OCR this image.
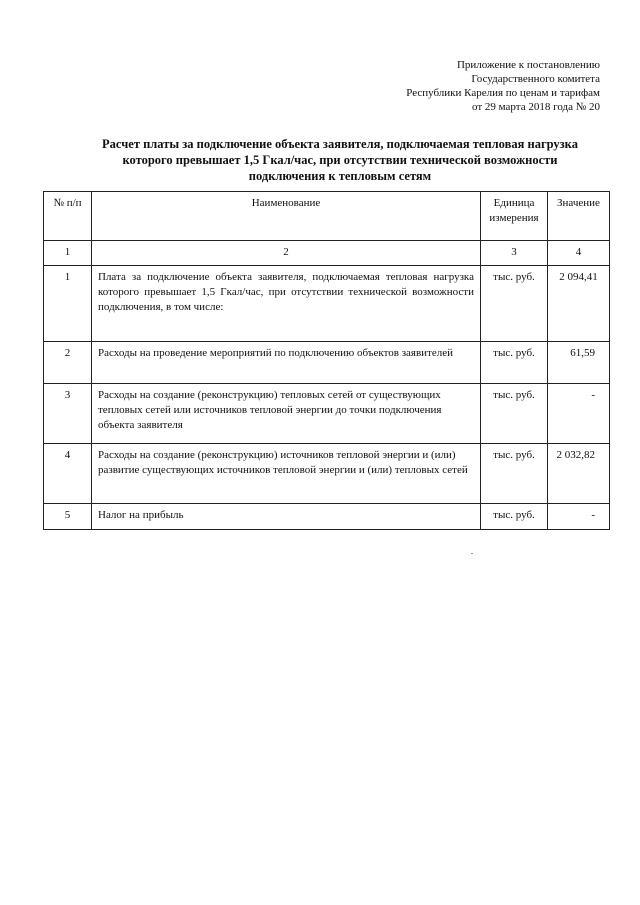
Приложение к постановлению
Государственного комитета
Республики Карелия по ценам и тарифам
от 29 марта 2018 года № 20
Расчет платы за подключение объекта заявителя, подключаемая тепловая нагрузка
которого превышает 1,5 Гкал/час, при отсутствии технической возможности
подключения к тепловым сетям
№ п/п	Наименование	Единица измерения	Значение
1	2	3	4
1	Плата за подключение объекта заявителя, подключаемая тепловая нагрузка которого превышает 1,5 Гкал/час, при отсутствии технической возможности подключения, в том числе:	тыс. руб.	2 094,41
2	Расходы на проведение мероприятий по подключению объектов заявителей	тыс. руб.	61,59
3	Расходы на создание (реконструкцию) тепловых сетей от существующих тепловых сетей или источников тепловой энергии до точки подключения объекта заявителя	тыс. руб.	-
4	Расходы на создание (реконструкцию) источников тепловой энергии и (или) развитие существующих источников тепловой энергии и (или) тепловых сетей	тыс. руб.	2 032,82
5	Налог на прибыль	тыс. руб.	-
